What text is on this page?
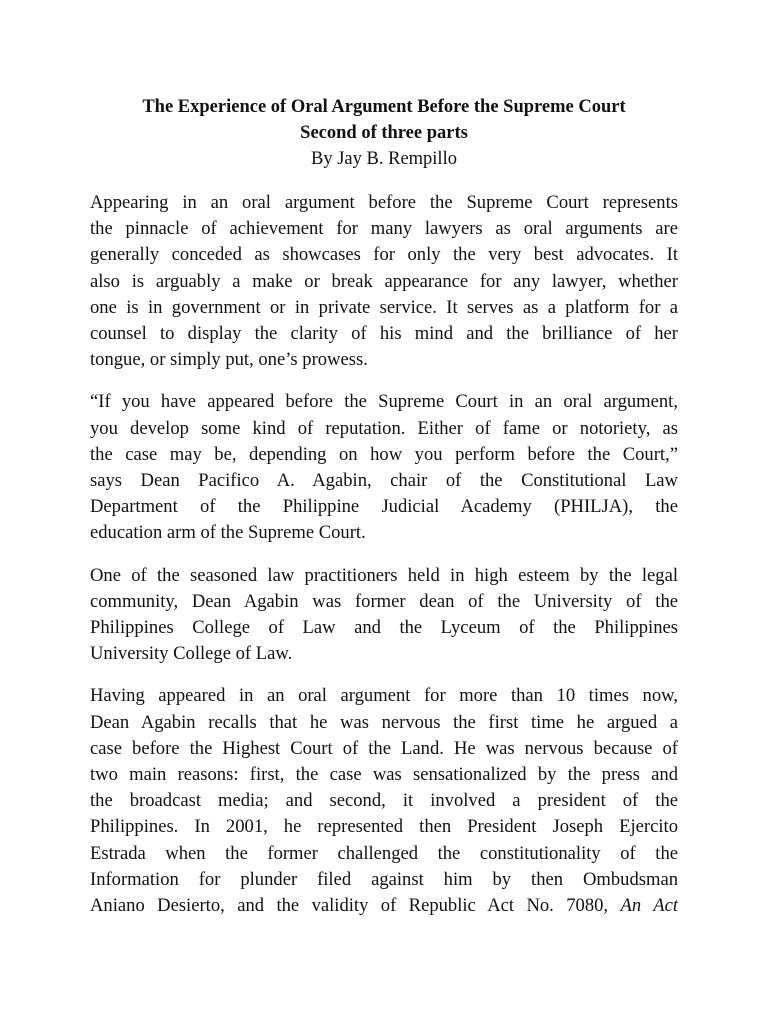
The Experience of Oral Argument Before the Supreme Court
Second of three parts
By Jay B. Rempillo
Appearing in an oral argument before the Supreme Court represents
the pinnacle of achievement for many lawyers as oral arguments are
generally conceded as showcases for only the very best advocates. It
also is arguably a make or break appearance for any lawyer, whether
one is in government or in private service. It serves as a platform for a
counsel to display the clarity of his mind and the brilliance of her
tongue, or simply put, one’s prowess.
“If you have appeared before the Supreme Court in an oral argument,
you develop some kind of reputation. Either of fame or notoriety, as
the case may be, depending on how you perform before the Court,”
says Dean Pacifico A. Agabin, chair of the Constitutional Law
Department of the Philippine Judicial Academy (PHILJA), the
education arm of the Supreme Court.
One of the seasoned law practitioners held in high esteem by the legal
community, Dean Agabin was former dean of the University of the
Philippines College of Law and the Lyceum of the Philippines
University College of Law.
Having appeared in an oral argument for more than 10 times now,
Dean Agabin recalls that he was nervous the first time he argued a
case before the Highest Court of the Land. He was nervous because of
two main reasons: first, the case was sensationalized by the press and
the broadcast media; and second, it involved a president of the
Philippines. In 2001, he represented then President Joseph Ejercito
Estrada when the former challenged the constitutionality of the
Information for plunder filed against him by then Ombudsman
Aniano Desierto, and the validity of Republic Act No. 7080, An Act
